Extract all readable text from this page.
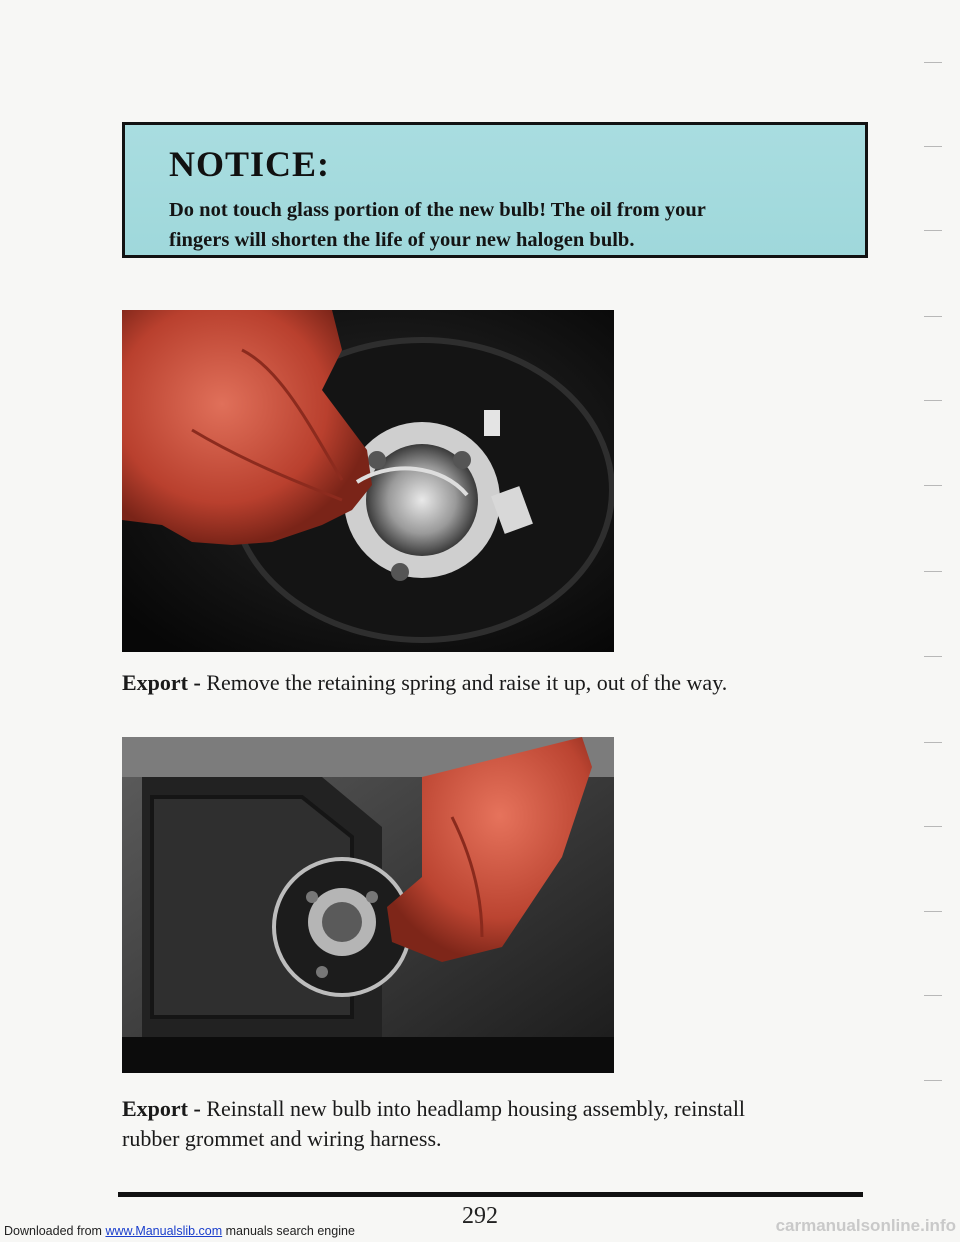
NOTICE:
Do not touch glass portion of the new bulb! The oil from your
fingers will shorten the life of your new halogen bulb.
Export - Remove the retaining spring and raise it up, out of the way.
Export - Reinstall new bulb into headlamp housing assembly, reinstall
rubber grommet and wiring harness.
292
Downloaded from www.Manualslib.com manuals search engine	carmanualsonline.info
